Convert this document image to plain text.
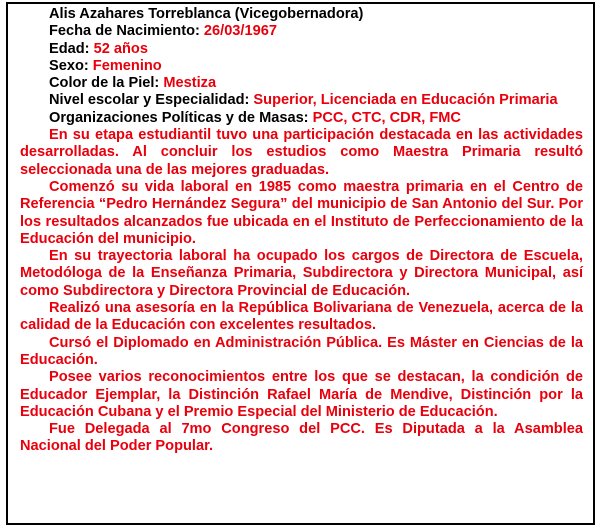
Alis Azahares Torreblanca (Vicegobernadora)

Fecha de Nacimiento: 26/03/1967

Edad: 52 años

Sexo: Femenino

Color de la Piel: Mestiza

Nivel escolar y Especialidad: Superior, Licenciada en Educación Primaria

Organizaciones Políticas y de Masas: PCC, CTC, CDR, FMC

En su etapa estudiantil tuvo una participación destacada en las actividades desarrolladas. Al concluir los estudios como Maestra Primaria resultó seleccionada una de las mejores graduadas.

Comenzó su vida laboral en 1985 como maestra primaria en el Centro de Referencia “Pedro Hernández Segura” del municipio de San Antonio del Sur. Por los resultados alcanzados fue ubicada en el Instituto de Perfeccionamiento de la Educación del municipio.

En su trayectoria laboral ha ocupado los cargos de Directora de Escuela, Metodóloga de la Enseñanza Primaria, Subdirectora y Directora Municipal, así como Subdirectora y Directora Provincial de Educación.

Realizó una asesoría en la República Bolivariana de Venezuela, acerca de la calidad de la Educación con excelentes resultados.

Cursó el Diplomado en Administración Pública. Es Máster en Ciencias de la Educación.

Posee varios reconocimientos entre los que se destacan, la condición de Educador Ejemplar, la Distinción Rafael María de Mendive, Distinción por la Educación Cubana y el Premio Especial del Ministerio de Educación.

Fue Delegada al 7mo Congreso del PCC. Es Diputada a la Asamblea Nacional del Poder Popular.
